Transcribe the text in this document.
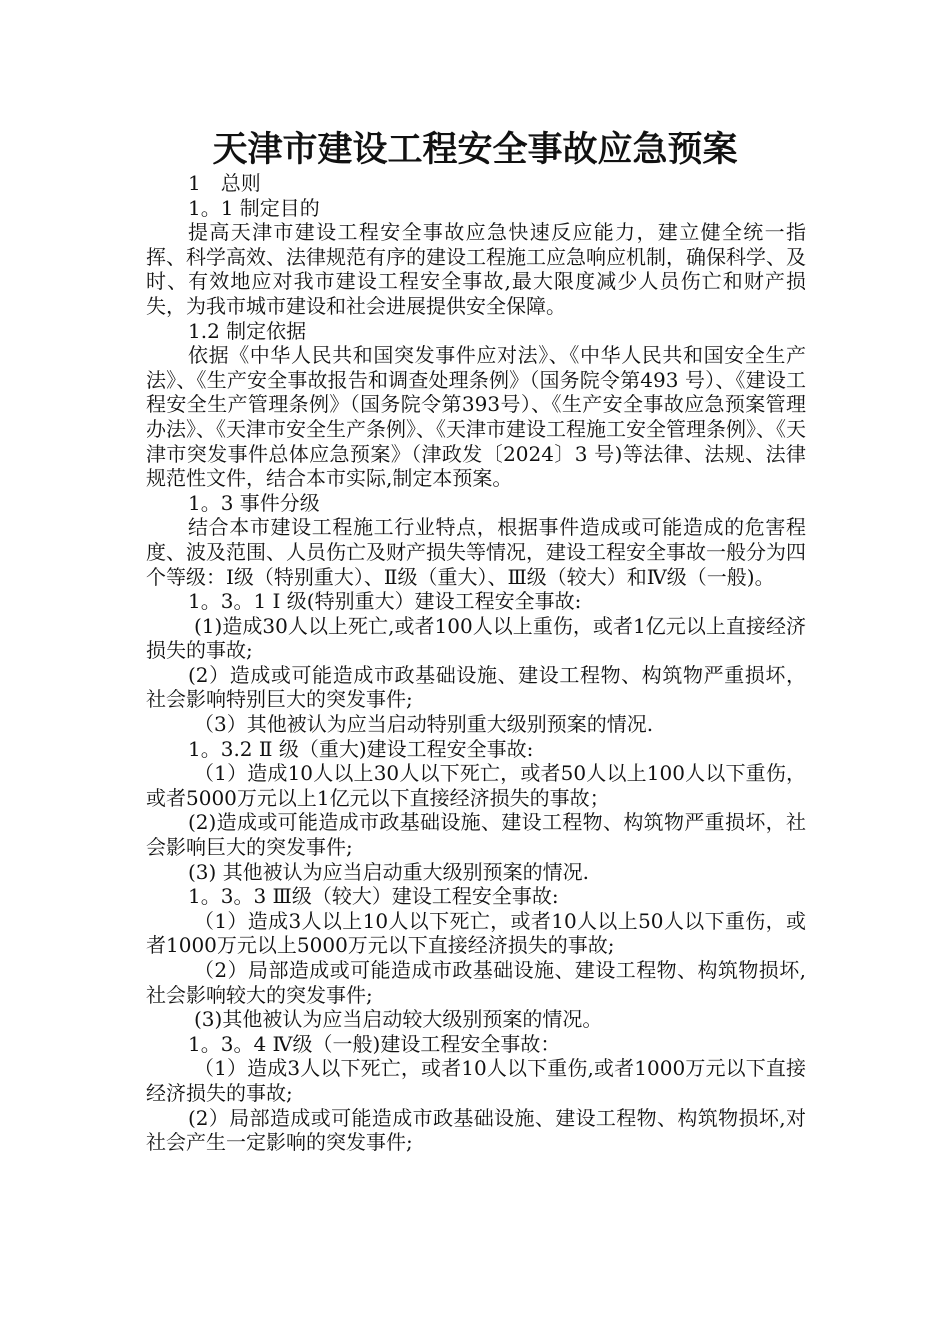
天津市建设工程安全事故应急预案

1　总则

1。1 制定目的

提高天津市建设工程安全事故应急快速反应能力，建立健全统一指挥、科学高效、法律规范有序的建设工程施工应急响应机制，确保科学、及时、有效地应对我市建设工程安全事故,最大限度减少人员伤亡和财产损失，为我市城市建设和社会进展提供安全保障。

1.2 制定依据

依据《中华人民共和国突发事件应对法》、《中华人民共和国安全生产法》、《生产安全事故报告和调查处理条例》（国务院令第493 号）、《建设工程安全生产管理条例》（国务院令第393号）、《生产安全事故应急预案管理办法》、《天津市安全生产条例》、《天津市建设工程施工安全管理条例》、《天津市突发事件总体应急预案》（津政发〔2024〕3 号)等法律、法规、法律规范性文件，结合本市实际,制定本预案。

1。3 事件分级

结合本市建设工程施工行业特点，根据事件造成或可能造成的危害程度、波及范围、人员伤亡及财产损失等情况，建设工程安全事故一般分为四个等级：Ⅰ级（特别重大）、Ⅱ级（重大）、Ⅲ级（较大）和Ⅳ级（一般)。

1。3。1 Ⅰ 级(特别重大）建设工程安全事故:

(1)造成30人以上死亡,或者100人以上重伤，或者1亿元以上直接经济损失的事故;

(2）造成或可能造成市政基础设施、建设工程物、构筑物严重损坏，社会影响特别巨大的突发事件;

（3）其他被认为应当启动特别重大级别预案的情况.

1。3.2 Ⅱ 级（重大)建设工程安全事故:

（1）造成10人以上30人以下死亡，或者50人以上100人以下重伤，或者5000万元以上1亿元以下直接经济损失的事故；

(2)造成或可能造成市政基础设施、建设工程物、构筑物严重损坏，社会影响巨大的突发事件;

(3) 其他被认为应当启动重大级别预案的情况.

1。3。3 Ⅲ级（较大）建设工程安全事故:

（1）造成3人以上10人以下死亡，或者10人以上50人以下重伤，或者1000万元以上5000万元以下直接经济损失的事故;

（2）局部造成或可能造成市政基础设施、建设工程物、构筑物损坏,社会影响较大的突发事件;

(3)其他被认为应当启动较大级别预案的情况。

1。3。4 Ⅳ级（一般)建设工程安全事故：

（1）造成3人以下死亡，或者10人以下重伤,或者1000万元以下直接经济损失的事故;

(2）局部造成或可能造成市政基础设施、建设工程物、构筑物损坏,对社会产生一定影响的突发事件;
